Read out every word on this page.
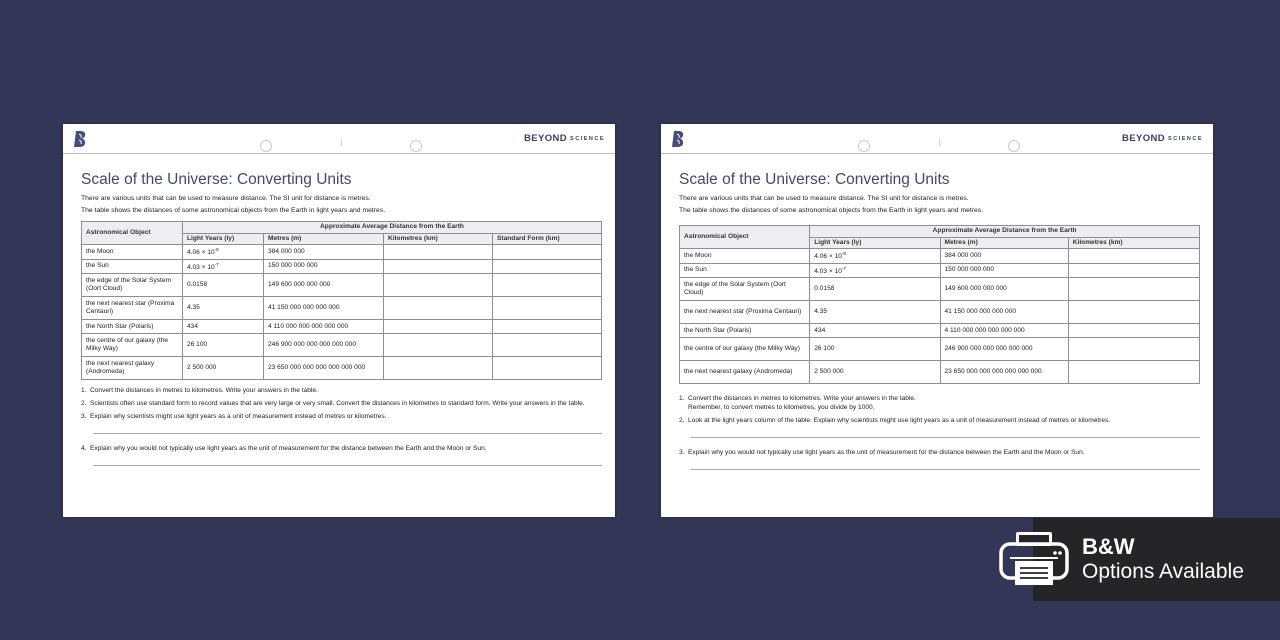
BEYOND SCIENCE
Scale of the Universe: Converting Units
There are various units that can be used to measure distance. The SI unit for distance is metres.
The table shows the distances of some astronomical objects from the Earth in light years and metres.
Astronomical Object	Approximate Average Distance from the Earth			
	Light Years (ly)	Metres (m)	Kilometres (km)	Standard Form (km)
the Moon	$4.06 \times 10^{-8}$	384 000 000		
the Sun	$4.03 \times 10^{-7}$	150 000 000 000		
the edge of the Solar System (Oort Cloud)	0.0158	149 600 000 000 000		
the next nearest star (Proxima Centauri)	4.35	41 150 000 000 000 000		
the North Star (Polaris)	434	4 110 000 000 000 000 000		
the centre of our galaxy (the Milky Way)	26 100	246 900 000 000 000 000 000		
the next nearest galaxy (Andromeda)	2 500 000	23 650 000 000 000 000 000 000		
1. Convert the distances in metres to kilometres. Write your answers in the table.
2. Scientists often use standard form to record values that are very large or very small. Convert the distances in kilometres to standard form. Write your answers in the table.
3. Explain why scientists might use light years as a unit of measurement instead of metres or kilometres.
4. Explain why you would not typically use light years as the unit of measurement for the distance between the Earth and the Moon or Sun.
BEYOND SCIENCE
Scale of the Universe: Converting Units
There are various units that can be used to measure distance. The SI unit for distance is metres.
The table shows the distances of some astronomical objects from the Earth in light years and metres.
Astronomical Object	Approximate Average Distance from the Earth		
	Light Years (ly)	Metres (m)	Kilometres (km)
the Moon	$4.06 \times 10^{-8}$	384 000 000	
the Sun	$4.03 \times 10^{-7}$	150 000 000 000	
the edge of the Solar System (Oort Cloud)	0.0158	149 600 000 000 000	
the next nearest star (Proxima Centauri)	4.35	41 150 000 000 000 000	
the North Star (Polaris)	434	4 110 000 000 000 000 000	
the centre of our galaxy (the Milky Way)	26 100	246 900 000 000 000 000 000	
the next nearest galaxy (Andromeda)	2 500 000	23 650 000 000 000 000 000 000	
1. Convert the distances in metres to kilometres. Write your answers in the table.
Remember, to convert metres to kilometres, you divide by 1000.
2. Look at the light years column of the table. Explain why scientists might use light years as a unit of measurement instead of metres or kilometres.
3. Explain why you would not typically use light years as the unit of measurement for the distance between the Earth and the Moon or Sun.
B&W
Options Available
